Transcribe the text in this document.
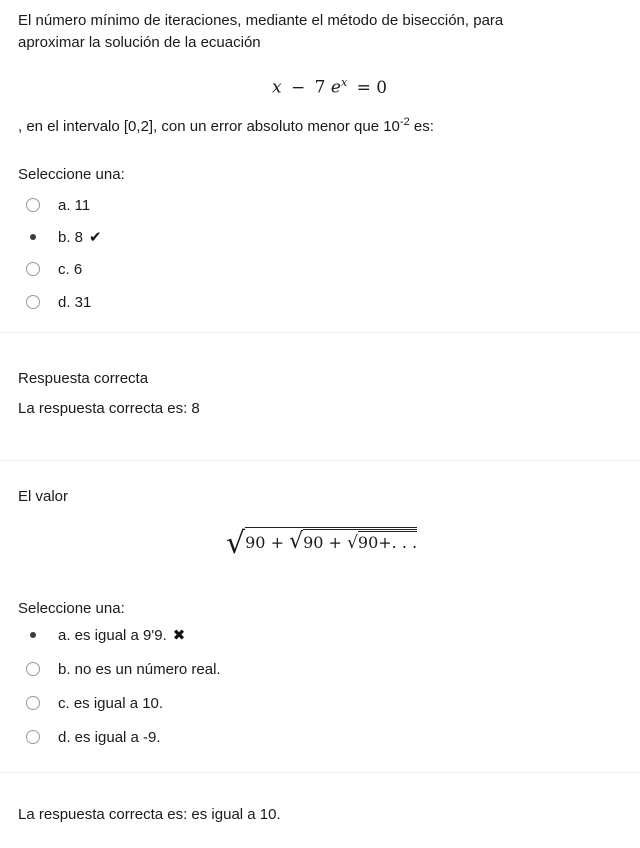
El número mínimo de iteraciones, mediante el método de bisección, para
aproximar la solución de la ecuación
x − 7 $e^x = 0$
, en el intervalo [0,2], con un error absoluto menor que $10^{-2}$ es:
Seleccione una:
a. 11
b. 8 ✔
c. 6
d. 31
Respuesta correcta
La respuesta correcta es: 8
El valor
√90 + √90 + √90+. . .
Seleccione una:
a. es igual a 9'9. ✖
b. no es un número real.
c. es igual a 10.
d. es igual a -9.
La respuesta correcta es: es igual a 10.
